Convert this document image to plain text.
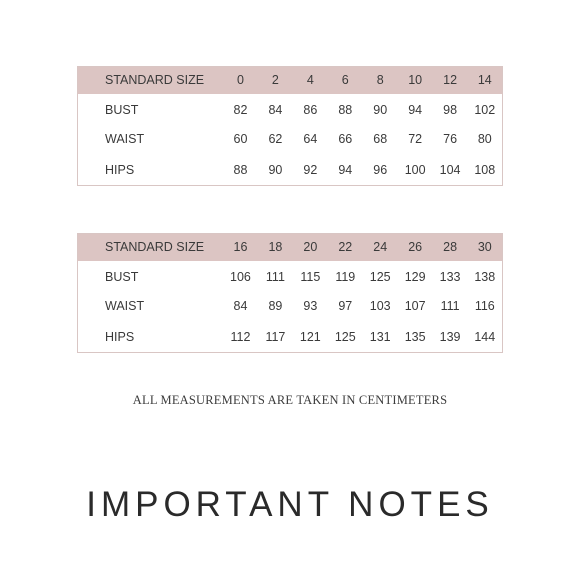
STANDARD SIZE	0	2	4	6	8	10	12	14
BUST	82	84	86	88	90	94	98	102
WAIST	60	62	64	66	68	72	76	80
HIPS	88	90	92	94	96	100	104	108
STANDARD SIZE	16	18	20	22	24	26	28	30
BUST	106	111	115	119	125	129	133	138
WAIST	84	89	93	97	103	107	111	116
HIPS	112	117	121	125	131	135	139	144
ALL MEASUREMENTS ARE TAKEN IN CENTIMETERS
IMPORTANT NOTES
